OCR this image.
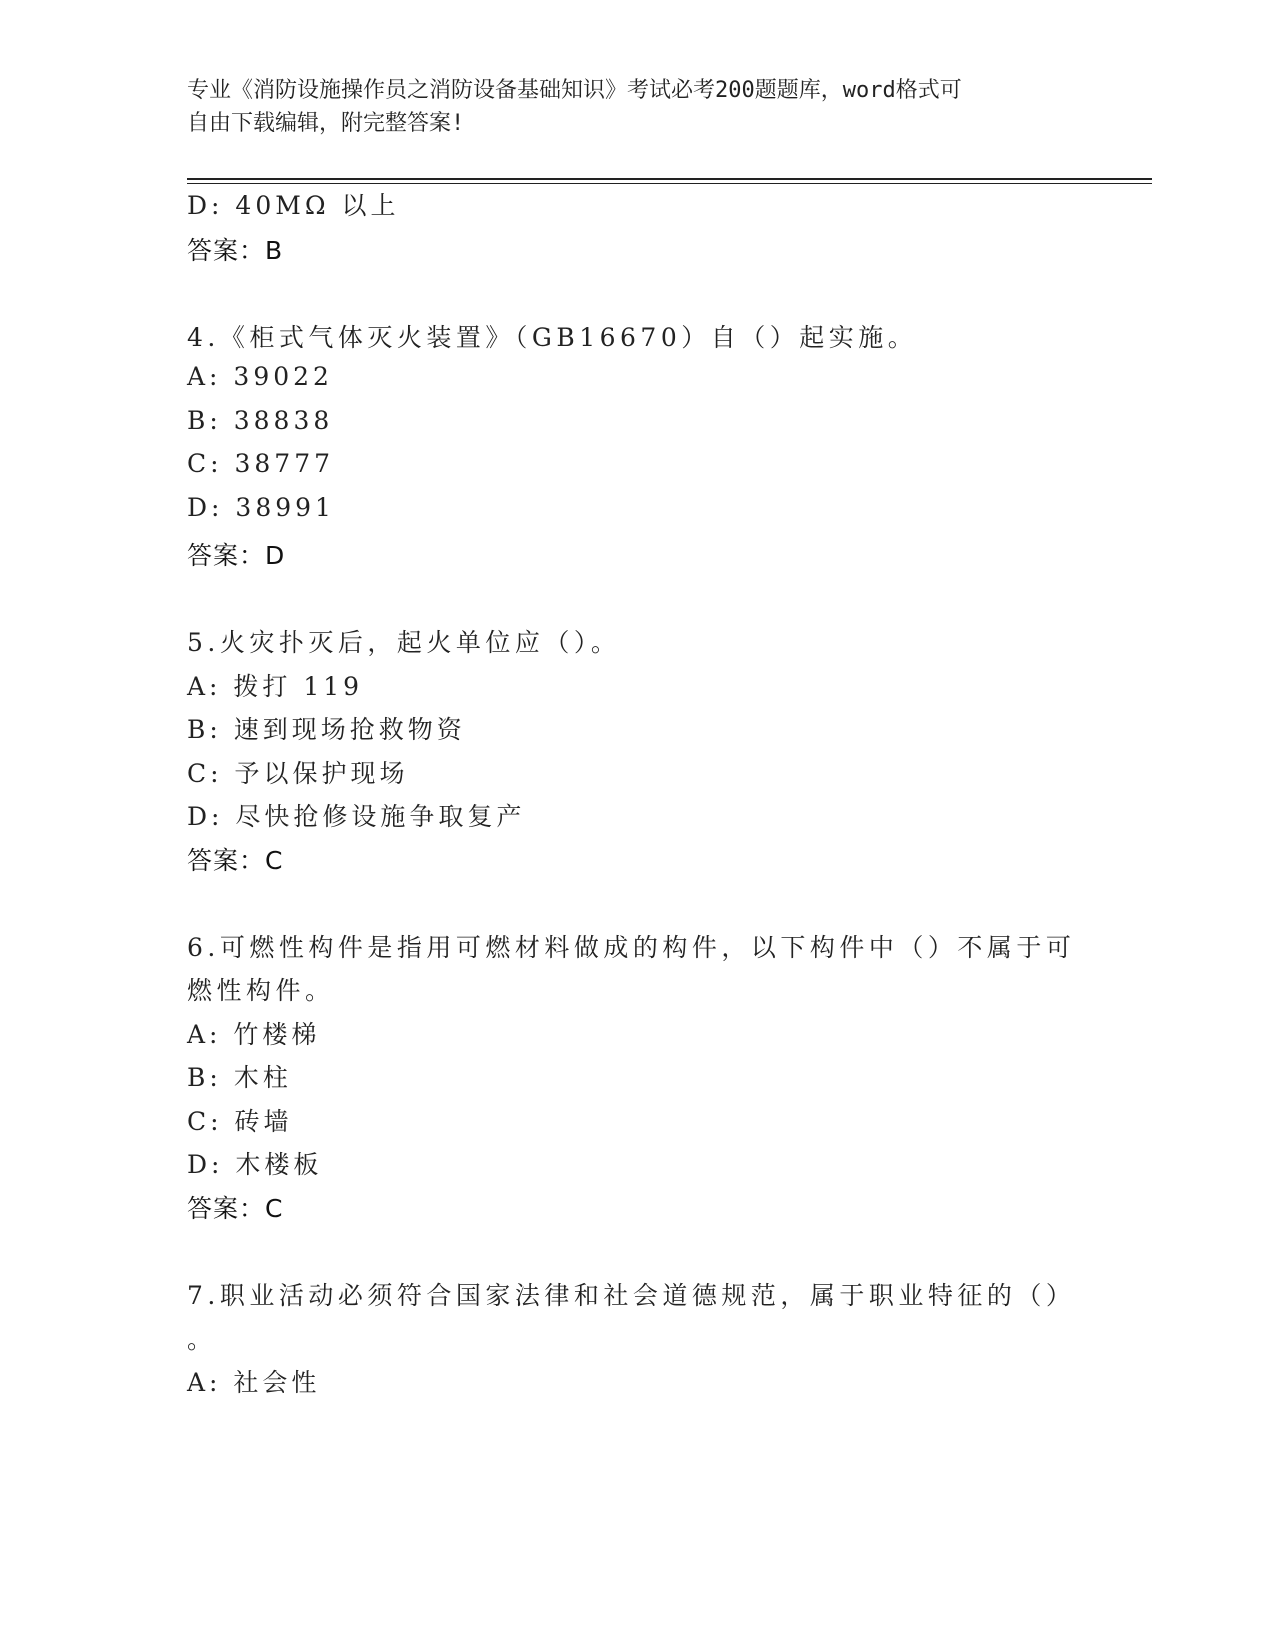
专业《消防设施操作员之消防设备基础知识》考试必考200题题库，word格式可
自由下载编辑，附完整答案!
D: 40MΩ 以上
答案：B
4.《柜式气体灭火装置》（GB16670）自（）起实施。
A: 39022
B: 38838
C: 38777
D: 38991
答案：D
5.火灾扑灭后，起火单位应（）。
A: 拨打 119
B: 速到现场抢救物资
C: 予以保护现场
D: 尽快抢修设施争取复产
答案：C
6.可燃性构件是指用可燃材料做成的构件，以下构件中（）不属于可
燃性构件。
A: 竹楼梯
B: 木柱
C: 砖墙
D: 木楼板
答案：C
7.职业活动必须符合国家法律和社会道德规范，属于职业特征的（）
。
A: 社会性
